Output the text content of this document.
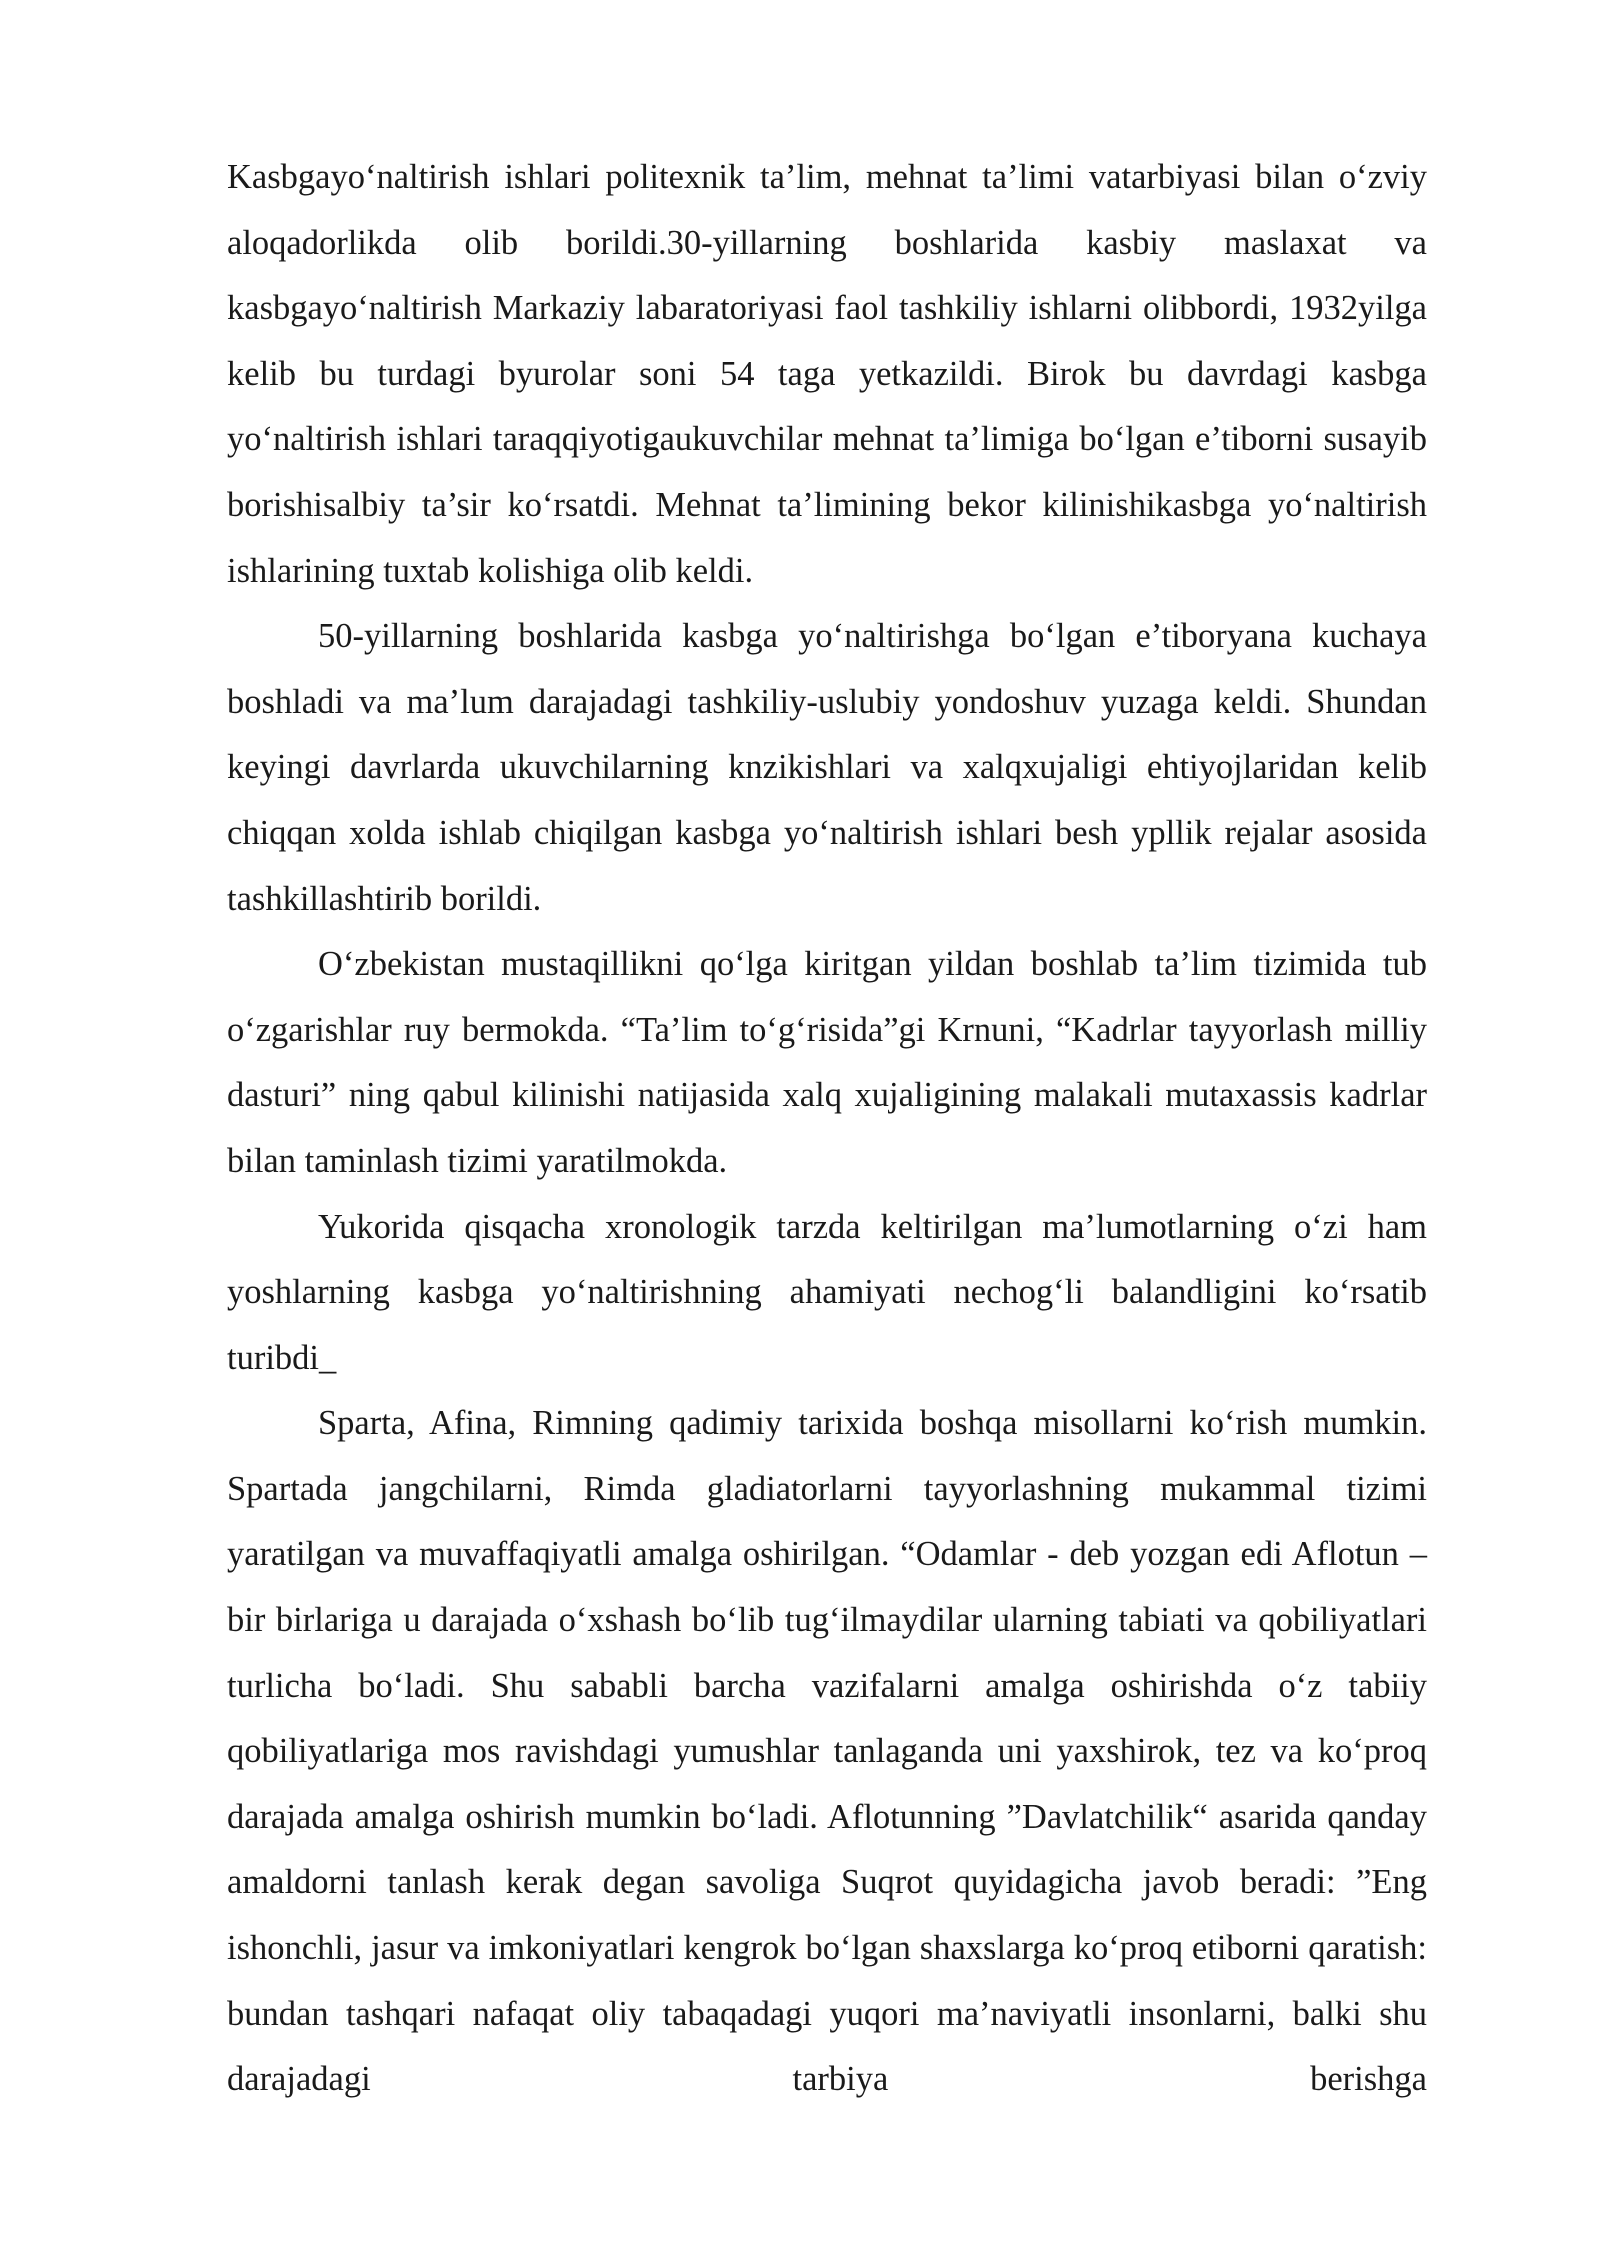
Kasbgayo‘naltirish ishlari politexnik ta’lim, mehnat ta’limi vatarbiyasi bilan o‘zviy aloqadorlikda olib borildi.30-yillarning boshlarida kasbiy maslaxat va kasbgayo‘naltirish Markaziy labaratoriyasi faol tashkiliy ishlarni olibbordi, 1932yilga kelib bu turdagi byurolar soni 54 taga yetkazildi. Birok bu davrdagi kasbga yo‘naltirish ishlari taraqqiyotigaukuvchilar mehnat ta’limiga bo‘lgan e’tiborni susayib borishisalbiy ta’sir ko‘rsatdi. Mehnat ta’limining bekor kilinishikasbga yo‘naltirish ishlarining tuxtab kolishiga olib keldi.

50-yillarning boshlarida kasbga yo‘naltirishga bo‘lgan e’tiboryana kuchaya boshladi va ma’lum darajadagi tashkiliy-uslubiy yondoshuv yuzaga keldi. Shundan keyingi davrlarda ukuvchilarning knzikishlari va xalqxujaligi ehtiyojlaridan kelib chiqqan xolda ishlab chiqilgan kasbga yo‘naltirish ishlari besh ypllik rejalar asosida tashkillashtirib borildi.

O‘zbekistan mustaqillikni qo‘lga kiritgan yildan boshlab ta’lim tizimida tub o‘zgarishlar ruy bermokda. “Ta’lim to‘g‘risida”gi Krnuni, “Kadrlar tayyorlash milliy dasturi” ning qabul kilinishi natijasida xalq xujaligining malakali mutaxassis kadrlar bilan taminlash tizimi yaratilmokda.

Yukorida qisqacha xronologik tarzda keltirilgan ma’lumotlarning o‘zi ham yoshlarning kasbga yo‘naltirishning ahamiyati nechog‘li balandligini ko‘rsatib turibdi_

Sparta, Afina, Rimning qadimiy tarixida boshqa misollarni ko‘rish mumkin. Spartada jangchilarni, Rimda gladiatorlarni tayyorlashning mukammal tizimi yaratilgan va muvaffaqiyatli amalga oshirilgan. “Odamlar - deb yozgan edi Aflotun – bir birlariga u darajada o‘xshash bo‘lib tug‘ilmaydilar ularning tabiati va qobiliyatlari turlicha bo‘ladi. Shu sababli barcha vazifalarni amalga oshirishda o‘z tabiiy qobiliyatlariga mos ravishdagi yumushlar tanlaganda uni yaxshirok, tez va ko‘proq darajada amalga oshirish mumkin bo‘ladi. Aflotunning ”Davlatchilik“ asarida qanday amaldorni tanlash kerak degan savoliga Suqrot quyidagicha javob beradi: ”Eng ishonchli, jasur va imkoniyatlari kengrok bo‘lgan shaxslarga ko‘proq etiborni qaratish: bundan tashqari nafaqat oliy tabaqadagi yuqori ma’naviyatli insonlarni, balki shu darajadagi tarbiya berishga
